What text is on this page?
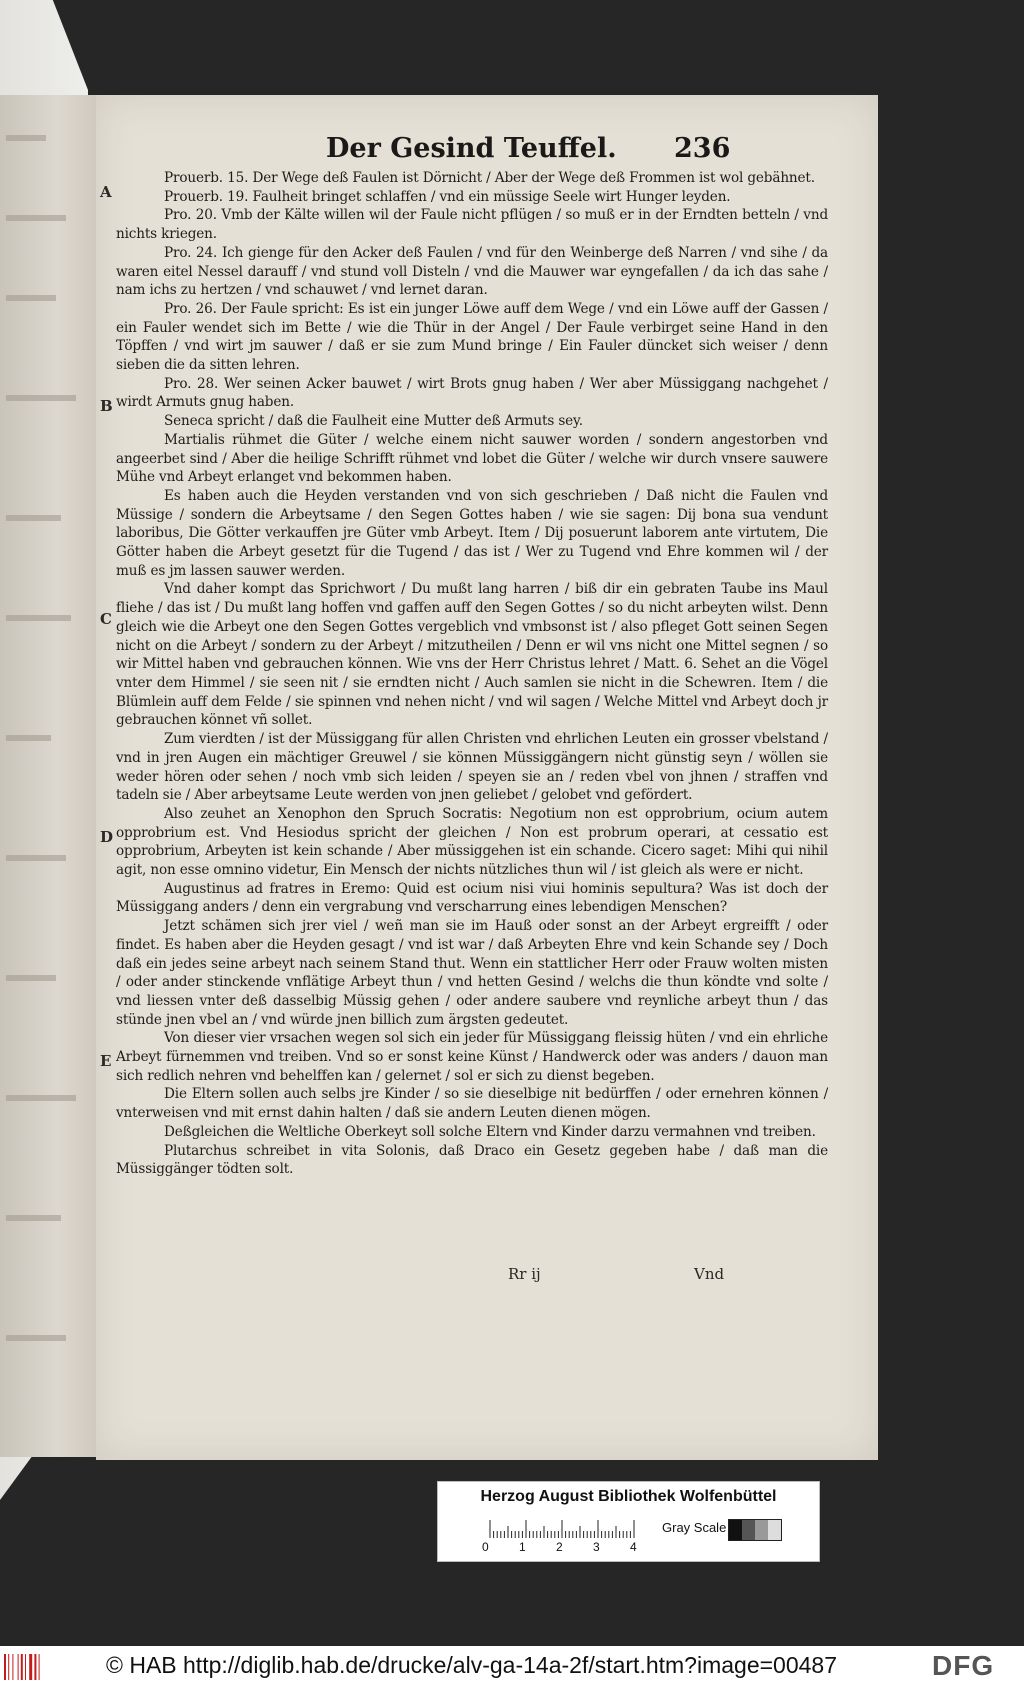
Der Gesind Teuffel. 236
A
B
C
D
E

Prouerb. 15. Der Wege deß Faulen ist Dörnicht / Aber der Wege deß Frommen ist wol gebähnet.

Prouerb. 19. Faulheit bringet schlaffen / vnd ein müssige Seele wirt Hunger leyden.

Pro. 20. Vmb der Kälte willen wil der Faule nicht pflügen / so muß er in der Erndten betteln / vnd nichts kriegen.

Pro. 24. Ich gienge für den Acker deß Faulen / vnd für den Weinberge deß Narren / vnd sihe / da waren eitel Nessel darauff / vnd stund voll Disteln / vnd die Mauwer war eyngefallen / da ich das sahe / nam ichs zu hertzen / vnd schauwet / vnd lernet daran.

Pro. 26. Der Faule spricht: Es ist ein junger Löwe auff dem Wege / vnd ein Löwe auff der Gassen / ein Fauler wendet sich im Bette / wie die Thür in der Angel / Der Faule verbirget seine Hand in den Töpffen / vnd wirt jm sauwer / daß er sie zum Mund bringe / Ein Fauler düncket sich weiser / denn sieben die da sitten lehren.

Pro. 28. Wer seinen Acker bauwet / wirt Brots gnug haben / Wer aber Müssiggang nachgehet / wirdt Armuts gnug haben.

Seneca spricht / daß die Faulheit eine Mutter deß Armuts sey.

Martialis rühmet die Güter / welche einem nicht sauwer worden / sondern angestorben vnd angeerbet sind / Aber die heilige Schrifft rühmet vnd lobet die Güter / welche wir durch vnsere sauwere Mühe vnd Arbeyt erlanget vnd bekommen haben.

Es haben auch die Heyden verstanden vnd von sich geschrieben / Daß nicht die Faulen vnd Müssige / sondern die Arbeytsame / den Segen Gottes haben / wie sie sagen: Dij bona sua vendunt laboribus, Die Götter verkauffen jre Güter vmb Arbeyt. Item / Dij posuerunt laborem ante virtutem, Die Götter haben die Arbeyt gesetzt für die Tugend / das ist / Wer zu Tugend vnd Ehre kommen wil / der muß es jm lassen sauwer werden.

Vnd daher kompt das Sprichwort / Du mußt lang harren / biß dir ein gebraten Taube ins Maul fliehe / das ist / Du mußt lang hoffen vnd gaffen auff den Segen Gottes / so du nicht arbeyten wilst. Denn gleich wie die Arbeyt one den Segen Gottes vergeblich vnd vmbsonst ist / also pfleget Gott seinen Segen nicht on die Arbeyt / sondern zu der Arbeyt / mitzutheilen / Denn er wil vns nicht one Mittel segnen / so wir Mittel haben vnd gebrauchen können. Wie vns der Herr Christus lehret / Matt. 6. Sehet an die Vögel vnter dem Himmel / sie seen nit / sie erndten nicht / Auch samlen sie nicht in die Schewren. Item / die Blümlein auff dem Felde / sie spinnen vnd nehen nicht / vnd wil sagen / Welche Mittel vnd Arbeyt doch jr gebrauchen könnet vñ sollet.

Zum vierdten / ist der Müssiggang für allen Christen vnd ehrlichen Leuten ein grosser vbelstand / vnd in jren Augen ein mächtiger Greuwel / sie können Müssiggängern nicht günstig seyn / wöllen sie weder hören oder sehen / noch vmb sich leiden / speyen sie an / reden vbel von jhnen / straffen vnd tadeln sie / Aber arbeytsame Leute werden von jnen geliebet / gelobet vnd gefördert.

Also zeuhet an Xenophon den Spruch Socratis: Negotium non est opprobrium, ocium autem opprobrium est. Vnd Hesiodus spricht der gleichen / Non est probrum operari, at cessatio est opprobrium, Arbeyten ist kein schande / Aber müssiggehen ist ein schande. Cicero saget: Mihi qui nihil agit, non esse omnino videtur, Ein Mensch der nichts nützliches thun wil / ist gleich als were er nicht.

Augustinus ad fratres in Eremo: Quid est ocium nisi viui hominis sepultura? Was ist doch der Müssiggang anders / denn ein vergrabung vnd verscharrung eines lebendigen Menschen?

Jetzt schämen sich jrer viel / weñ man sie im Hauß oder sonst an der Arbeyt ergreifft / oder findet. Es haben aber die Heyden gesagt / vnd ist war / daß Arbeyten Ehre vnd kein Schande sey / Doch daß ein jedes seine arbeyt nach seinem Stand thut. Wenn ein stattlicher Herr oder Frauw wolten misten / oder ander stinckende vnflätige Arbeyt thun / vnd hetten Gesind / welchs die thun köndte vnd solte / vnd liessen vnter deß dasselbig Müssig gehen / oder andere saubere vnd reynliche arbeyt thun / das stünde jnen vbel an / vnd würde jnen billich zum ärgsten gedeutet.

Von dieser vier vrsachen wegen sol sich ein jeder für Müssiggang fleissig hüten / vnd ein ehrliche Arbeyt fürnemmen vnd treiben. Vnd so er sonst keine Künst / Handwerck oder was anders / dauon man sich redlich nehren vnd behelffen kan / gelernet / sol er sich zu dienst begeben.

Die Eltern sollen auch selbs jre Kinder / so sie dieselbige nit bedürffen / oder ernehren können / vnterweisen vnd mit ernst dahin halten / daß sie andern Leuten dienen mögen.

Deßgleichen die Weltliche Oberkeyt soll solche Eltern vnd Kinder darzu vermahnen vnd treiben.

Plutarchus schreibet in vita Solonis, daß Draco ein Gesetz gegeben habe / daß man die Müssiggänger tödten solt.

Rr ij	Vnd
Herzog August Bibliothek Wolfenbüttel
0	1	2	3	4
Gray Scale
© HAB http://diglib.hab.de/drucke/alv-ga-14a-2f/start.htm?image=00487	DFG
